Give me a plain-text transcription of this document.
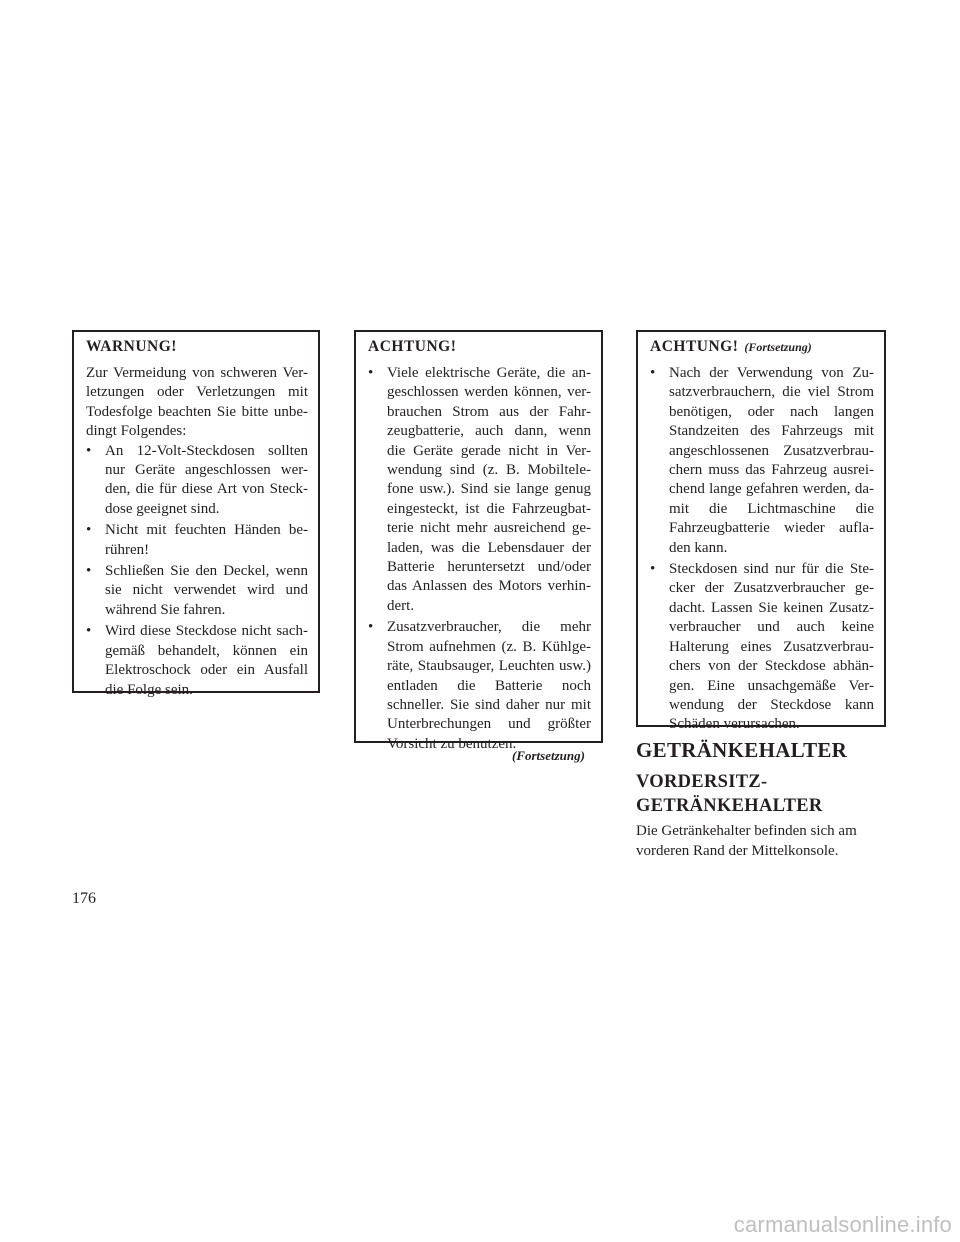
WARNUNG!

Zur Vermeidung von schweren Ver-letzungen oder Verletzungen mit Todesfolge beachten Sie bitte unbe-dingt Folgendes:

• An 12-Volt-Steckdosen sollten nur Geräte angeschlossen wer-den, die für diese Art von Steck-dose geeignet sind.
• Nicht mit feuchten Händen be-rühren!
• Schließen Sie den Deckel, wenn sie nicht verwendet wird und während Sie fahren.
• Wird diese Steckdose nicht sach-gemäß behandelt, können ein Elektroschock oder ein Ausfall die Folge sein.
ACHTUNG!
• Viele elektrische Geräte, die an-geschlossen werden können, ver-brauchen Strom aus der Fahr-zeugbatterie, auch dann, wenn die Geräte gerade nicht in Ver-wendung sind (z. B. Mobiltele-fone usw.). Sind sie lange genug eingesteckt, ist die Fahrzeugbat-terie nicht mehr ausreichend ge-laden, was die Lebensdauer der Batterie heruntersetzt und/oder das Anlassen des Motors verhin-dert.
• Zusatzverbraucher, die mehr Strom aufnehmen (z. B. Kühlge-räte, Staubsauger, Leuchten usw.) entladen die Batterie noch schneller. Sie sind daher nur mit Unterbrechungen und größter Vorsicht zu benutzen.
(Fortsetzung)
ACHTUNG! (Fortsetzung)
• Nach der Verwendung von Zu-satzverbrauchern, die viel Strom benötigen, oder nach langen Standzeiten des Fahrzeugs mit angeschlossenen Zusatzverbrau-chern muss das Fahrzeug ausrei-chend lange gefahren werden, da-mit die Lichtmaschine die Fahrzeugbatterie wieder aufla-den kann.
• Steckdosen sind nur für die Ste-cker der Zusatzverbraucher ge-dacht. Lassen Sie keinen Zusatz-verbraucher und auch keine Halterung eines Zusatzverbrau-chers von der Steckdose abhän-gen. Eine unsachgemäße Ver-wendung der Steckdose kann Schäden verursachen.
GETRÄNKEHALTER
VORDERSITZ-GETRÄNKEHALTER
Die Getränkehalter befinden sich am vorderen Rand der Mittelkonsole.
176
carmanualsonline.info
